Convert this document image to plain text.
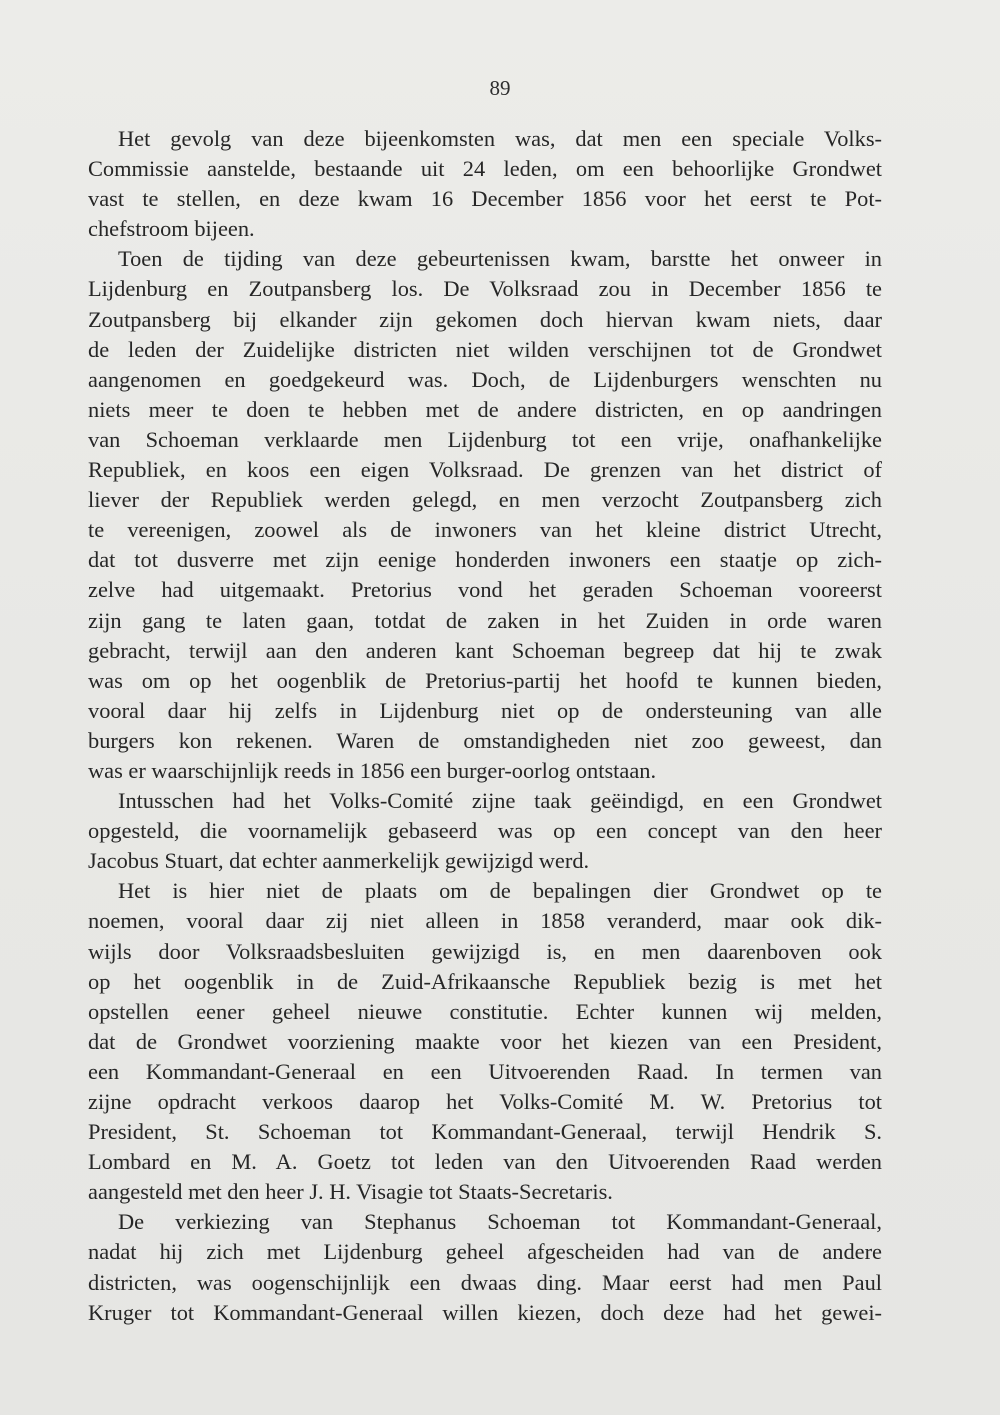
89
Het gevolg van deze bijeenkomsten was, dat men een speciale Volks-
Commissie aanstelde, bestaande uit 24 leden, om een behoorlijke Grondwet
vast te stellen, en deze kwam 16 December 1856 voor het eerst te Pot-
chefstroom bijeen.
Toen de tijding van deze gebeurtenissen kwam, barstte het onweer in
Lijdenburg en Zoutpansberg los. De Volksraad zou in December 1856 te
Zoutpansberg bij elkander zijn gekomen doch hiervan kwam niets, daar
de leden der Zuidelijke districten niet wilden verschijnen tot de Grondwet
aangenomen en goedgekeurd was. Doch, de Lijdenburgers wenschten nu
niets meer te doen te hebben met de andere districten, en op aandringen
van Schoeman verklaarde men Lijdenburg tot een vrije, onafhankelijke
Republiek, en koos een eigen Volksraad. De grenzen van het district of
liever der Republiek werden gelegd, en men verzocht Zoutpansberg zich
te vereenigen, zoowel als de inwoners van het kleine district Utrecht,
dat tot dusverre met zijn eenige honderden inwoners een staatje op zich-
zelve had uitgemaakt. Pretorius vond het geraden Schoeman vooreerst
zijn gang te laten gaan, totdat de zaken in het Zuiden in orde waren
gebracht, terwijl aan den anderen kant Schoeman begreep dat hij te zwak
was om op het oogenblik de Pretorius-partij het hoofd te kunnen bieden,
vooral daar hij zelfs in Lijdenburg niet op de ondersteuning van alle
burgers kon rekenen. Waren de omstandigheden niet zoo geweest, dan
was er waarschijnlijk reeds in 1856 een burger-oorlog ontstaan.
Intusschen had het Volks-Comité zijne taak geëindigd, en een Grondwet
opgesteld, die voornamelijk gebaseerd was op een concept van den heer
Jacobus Stuart, dat echter aanmerkelijk gewijzigd werd.
Het is hier niet de plaats om de bepalingen dier Grondwet op te
noemen, vooral daar zij niet alleen in 1858 veranderd, maar ook dik-
wijls door Volksraadsbesluiten gewijzigd is, en men daarenboven ook
op het oogenblik in de Zuid-Afrikaansche Republiek bezig is met het
opstellen eener geheel nieuwe constitutie. Echter kunnen wij melden,
dat de Grondwet voorziening maakte voor het kiezen van een President,
een Kommandant-Generaal en een Uitvoerenden Raad. In termen van
zijne opdracht verkoos daarop het Volks-Comité M. W. Pretorius tot
President, St. Schoeman tot Kommandant-Generaal, terwijl Hendrik S.
Lombard en M. A. Goetz tot leden van den Uitvoerenden Raad werden
aangesteld met den heer J. H. Visagie tot Staats-Secretaris.
De verkiezing van Stephanus Schoeman tot Kommandant-Generaal,
nadat hij zich met Lijdenburg geheel afgescheiden had van de andere
districten, was oogenschijnlijk een dwaas ding. Maar eerst had men Paul
Kruger tot Kommandant-Generaal willen kiezen, doch deze had het gewei-
